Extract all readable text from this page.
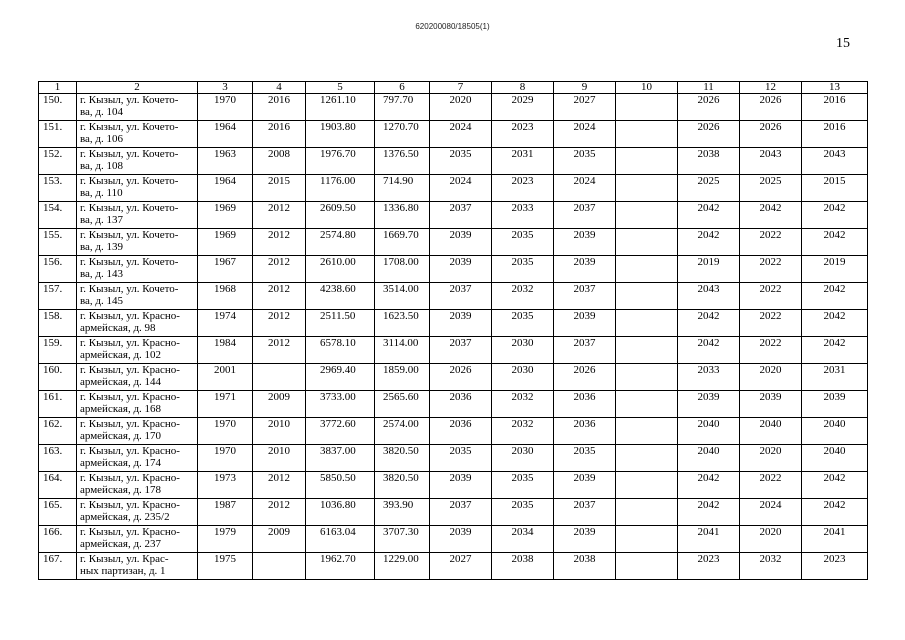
620200080/18505(1)
15
1	2	3	4	5	6	7	8	9	10	11	12	13
150.	г. Кызыл, ул. Кочето-
ва, д. 104	1970	2016	1261.10	797.70	2020	2029	2027		2026	2026	2016
151.	г. Кызыл, ул. Кочето-
ва, д. 106	1964	2016	1903.80	1270.70	2024	2023	2024		2026	2026	2016
152.	г. Кызыл, ул. Кочето-
ва, д. 108	1963	2008	1976.70	1376.50	2035	2031	2035		2038	2043	2043
153.	г. Кызыл, ул. Кочето-
ва, д. 110	1964	2015	1176.00	714.90	2024	2023	2024		2025	2025	2015
154.	г. Кызыл, ул. Кочето-
ва, д. 137	1969	2012	2609.50	1336.80	2037	2033	2037		2042	2042	2042
155.	г. Кызыл, ул. Кочето-
ва, д. 139	1969	2012	2574.80	1669.70	2039	2035	2039		2042	2022	2042
156.	г. Кызыл, ул. Кочето-
ва, д. 143	1967	2012	2610.00	1708.00	2039	2035	2039		2019	2022	2019
157.	г. Кызыл, ул. Кочето-
ва, д. 145	1968	2012	4238.60	3514.00	2037	2032	2037		2043	2022	2042
158.	г. Кызыл, ул. Красно-
армейская, д. 98	1974	2012	2511.50	1623.50	2039	2035	2039		2042	2022	2042
159.	г. Кызыл, ул. Красно-
армейская, д. 102	1984	2012	6578.10	3114.00	2037	2030	2037		2042	2022	2042
160.	г. Кызыл, ул. Красно-
армейская, д. 144	2001		2969.40	1859.00	2026	2030	2026		2033	2020	2031
161.	г. Кызыл, ул. Красно-
армейская, д. 168	1971	2009	3733.00	2565.60	2036	2032	2036		2039	2039	2039
162.	г. Кызыл, ул. Красно-
армейская, д. 170	1970	2010	3772.60	2574.00	2036	2032	2036		2040	2040	2040
163.	г. Кызыл, ул. Красно-
армейская, д. 174	1970	2010	3837.00	3820.50	2035	2030	2035		2040	2020	2040
164.	г. Кызыл, ул. Красно-
армейская, д. 178	1973	2012	5850.50	3820.50	2039	2035	2039		2042	2022	2042
165.	г. Кызыл, ул. Красно-
армейская, д. 235/2	1987	2012	1036.80	393.90	2037	2035	2037		2042	2024	2042
166.	г. Кызыл, ул. Красно-
армейская, д. 237	1979	2009	6163.04	3707.30	2039	2034	2039		2041	2020	2041
167.	г. Кызыл, ул. Крас-
ных партизан, д. 1	1975		1962.70	1229.00	2027	2038	2038		2023	2032	2023
